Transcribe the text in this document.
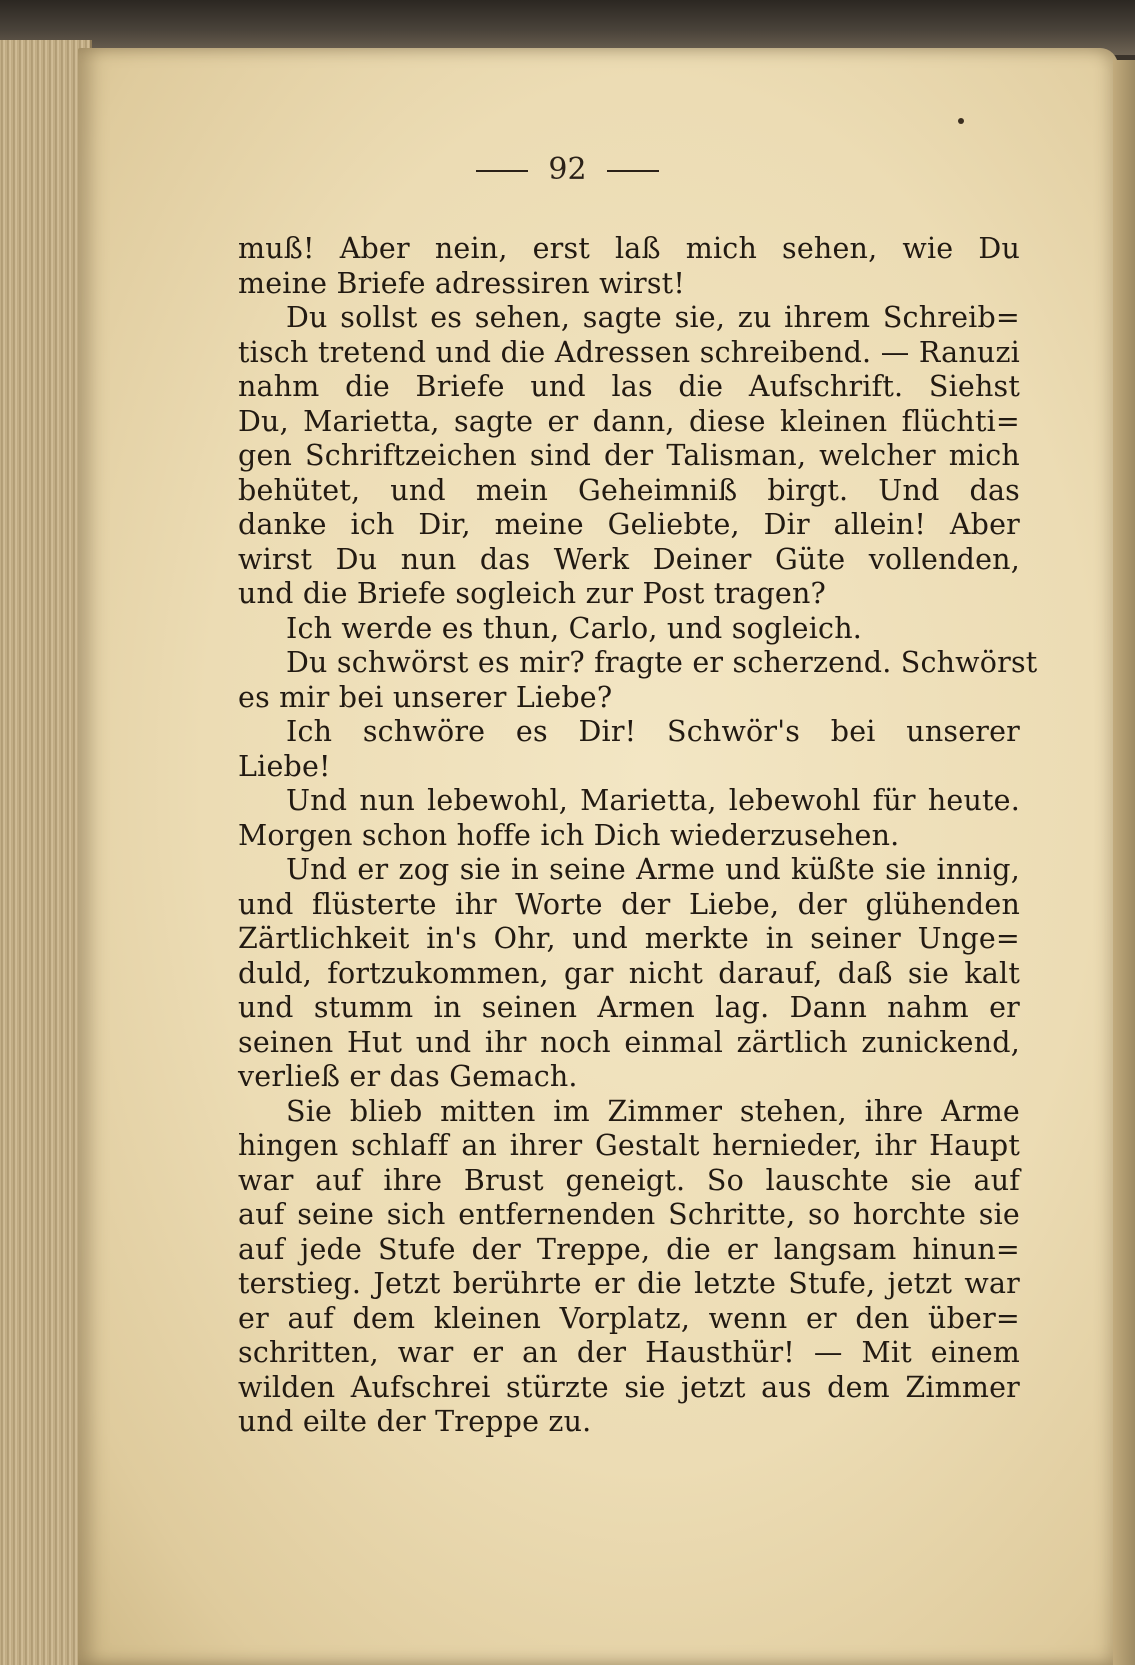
92
muß! Aber nein, erst laß mich sehen, wie Du
meine Briefe adressiren wirst!
Du sollst es sehen, sagte sie, zu ihrem Schreib=
tisch tretend und die Adressen schreibend. — Ranuzi
nahm die Briefe und las die Aufschrift. Siehst
Du, Marietta, sagte er dann, diese kleinen flüchti=
gen Schriftzeichen sind der Talisman, welcher mich
behütet, und mein Geheimniß birgt. Und das
danke ich Dir, meine Geliebte, Dir allein! Aber
wirst Du nun das Werk Deiner Güte vollenden,
und die Briefe sogleich zur Post tragen?
Ich werde es thun, Carlo, und sogleich.
Du schwörst es mir? fragte er scherzend. Schwörst
es mir bei unserer Liebe?
Ich schwöre es Dir! Schwör's bei unserer
Liebe!
Und nun lebewohl, Marietta, lebewohl für heute.
Morgen schon hoffe ich Dich wiederzusehen.
Und er zog sie in seine Arme und küßte sie innig,
und flüsterte ihr Worte der Liebe, der glühenden
Zärtlichkeit in's Ohr, und merkte in seiner Unge=
duld, fortzukommen, gar nicht darauf, daß sie kalt
und stumm in seinen Armen lag. Dann nahm er
seinen Hut und ihr noch einmal zärtlich zunickend,
verließ er das Gemach.
Sie blieb mitten im Zimmer stehen, ihre Arme
hingen schlaff an ihrer Gestalt hernieder, ihr Haupt
war auf ihre Brust geneigt. So lauschte sie auf
auf seine sich entfernenden Schritte, so horchte sie
auf jede Stufe der Treppe, die er langsam hinun=
terstieg. Jetzt berührte er die letzte Stufe, jetzt war
er auf dem kleinen Vorplatz, wenn er den über=
schritten, war er an der Hausthür! — Mit einem
wilden Aufschrei stürzte sie jetzt aus dem Zimmer
und eilte der Treppe zu.
